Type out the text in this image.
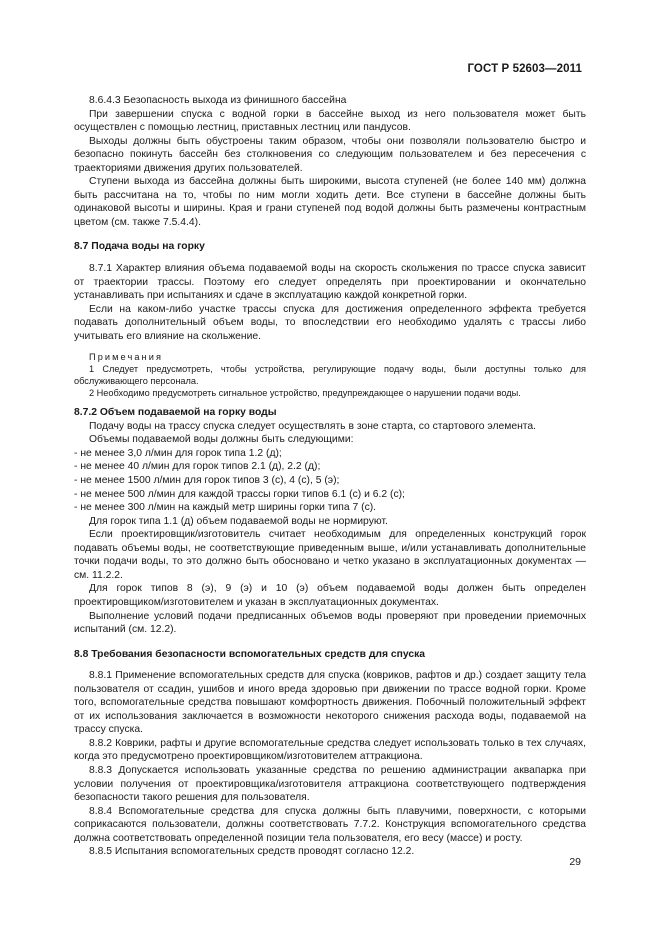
ГОСТ Р 52603—2011

8.6.4.3 Безопасность выхода из финишного бассейна

При завершении спуска с водной горки в бассейне выход из него пользователя может быть осуществлен с помощью лестниц, приставных лестниц или пандусов.

Выходы должны быть обустроены таким образом, чтобы они позволяли пользователю быстро и безопасно покинуть бассейн без столкновения со следующим пользователем и без пересечения с траекториями движения других пользователей.

Ступени выхода из бассейна должны быть широкими, высота ступеней (не более 140 мм) должна быть рассчитана на то, чтобы по ним могли ходить дети. Все ступени в бассейне должны быть одинаковой высоты и ширины. Края и грани ступеней под водой должны быть размечены контрастным цветом (см. также 7.5.4.4).

8.7 Подача воды на горку

8.7.1 Характер влияния объема подаваемой воды на скорость скольжения по трассе спуска зависит от траектории трассы. Поэтому его следует определять при проектировании и окончательно устанавливать при испытаниях и сдаче в эксплуатацию каждой конкретной горки.

Если на каком-либо участке трассы спуска для достижения определенного эффекта требуется подавать дополнительный объем воды, то впоследствии его необходимо удалять с трассы либо учитывать его влияние на скольжение.

Примечания

1 Следует предусмотреть, чтобы устройства, регулирующие подачу воды, были доступны только для обслуживающего персонала.

2 Необходимо предусмотреть сигнальное устройство, предупреждающее о нарушении подачи воды.

8.7.2 Объем подаваемой на горку воды

Подачу воды на трассу спуска следует осуществлять в зоне старта, со стартового элемента.

Объемы подаваемой воды должны быть следующими:

- не менее 3,0 л/мин для горок типа 1.2 (д);

- не менее 40 л/мин для горок типов 2.1 (д), 2.2 (д);

- не менее 1500 л/мин для горок типов 3 (с), 4 (с), 5 (э);

- не менее 500 л/мин для каждой трассы горки типов 6.1 (с) и 6.2 (с);

- не менее 300 л/мин на каждый метр ширины горки типа 7 (с).

Для горок типа 1.1 (д) объем подаваемой воды не нормируют.

Если проектировщик/изготовитель считает необходимым для определенных конструкций горок подавать объемы воды, не соответствующие приведенным выше, и/или устанавливать дополнительные точки подачи воды, то это должно быть обосновано и четко указано в эксплуатационных документах — см. 11.2.2.

Для горок типов 8 (э), 9 (э) и 10 (э) объем подаваемой воды должен быть определен проектировщиком/изготовителем и указан в эксплуатационных документах.

Выполнение условий подачи предписанных объемов воды проверяют при проведении приемочных испытаний (см. 12.2).

8.8 Требования безопасности вспомогательных средств для спуска

8.8.1 Применение вспомогательных средств для спуска (ковриков, рафтов и др.) создает защиту тела пользователя от ссадин, ушибов и иного вреда здоровью при движении по трассе водной горки. Кроме того, вспомогательные средства повышают комфортность движения. Побочный положительный эффект от их использования заключается в возможности некоторого снижения расхода воды, подаваемой на трассу спуска.

8.8.2 Коврики, рафты и другие вспомогательные средства следует использовать только в тех случаях, когда это предусмотрено проектировщиком/изготовителем аттракциона.

8.8.3 Допускается использовать указанные средства по решению администрации аквапарка при условии получения от проектировщика/изготовителя аттракциона соответствующего подтверждения безопасности такого решения для пользователя.

8.8.4 Вспомогательные средства для спуска должны быть плавучими, поверхности, с которыми соприкасаются пользователи, должны соответствовать 7.7.2. Конструкция вспомогательного средства должна соответствовать определенной позиции тела пользователя, его весу (массе) и росту.

8.8.5 Испытания вспомогательных средств проводят согласно 12.2.

29
